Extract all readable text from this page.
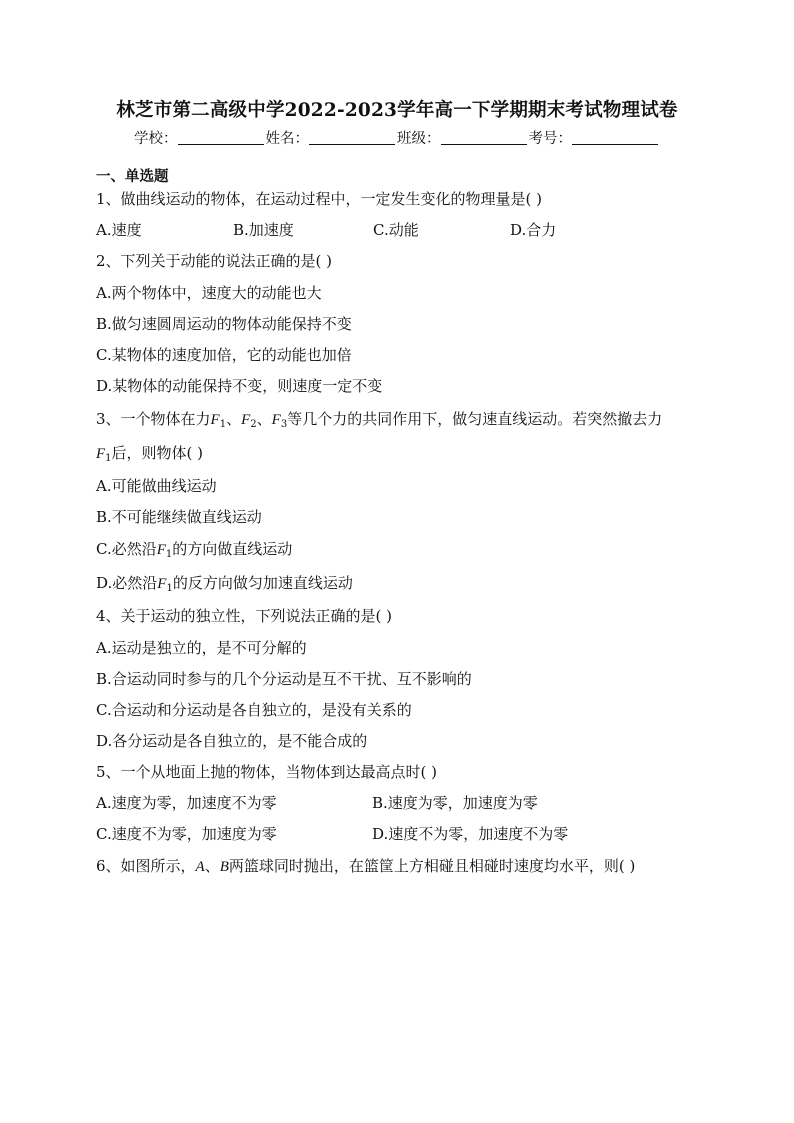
林芝市第二高级中学2022-2023学年高一下学期期末考试物理试卷
学校：	姓名：	班级：	考号：
一、单选题
1、做曲线运动的物体，在运动过程中，一定发生变化的物理量是( )
A.速度	B.加速度	C.动能	D.合力
2、下列关于动能的说法正确的是( )
A.两个物体中，速度大的动能也大
B.做匀速圆周运动的物体动能保持不变
C.某物体的速度加倍，它的动能也加倍
D.某物体的动能保持不变，则速度一定不变
3、一个物体在力$F_1$、$F_2$、$F_3$等几个力的共同作用下，做匀速直线运动。若突然撤去力
$F_1$后，则物体( )
A.可能做曲线运动
B.不可能继续做直线运动
C.必然沿$F_1$的方向做直线运动
D.必然沿$F_1$的反方向做匀加速直线运动
4、关于运动的独立性，下列说法正确的是( )
A.运动是独立的，是不可分解的
B.合运动同时参与的几个分运动是互不干扰、互不影响的
C.合运动和分运动是各自独立的，是没有关系的
D.各分运动是各自独立的，是不能合成的
5、一个从地面上抛的物体，当物体到达最高点时( )
A.速度为零，加速度不为零	B.速度为零，加速度为零
C.速度不为零，加速度为零	D.速度不为零，加速度不为零
6、如图所示，A、B两篮球同时抛出，在篮筐上方相碰且相碰时速度均水平，则( )
